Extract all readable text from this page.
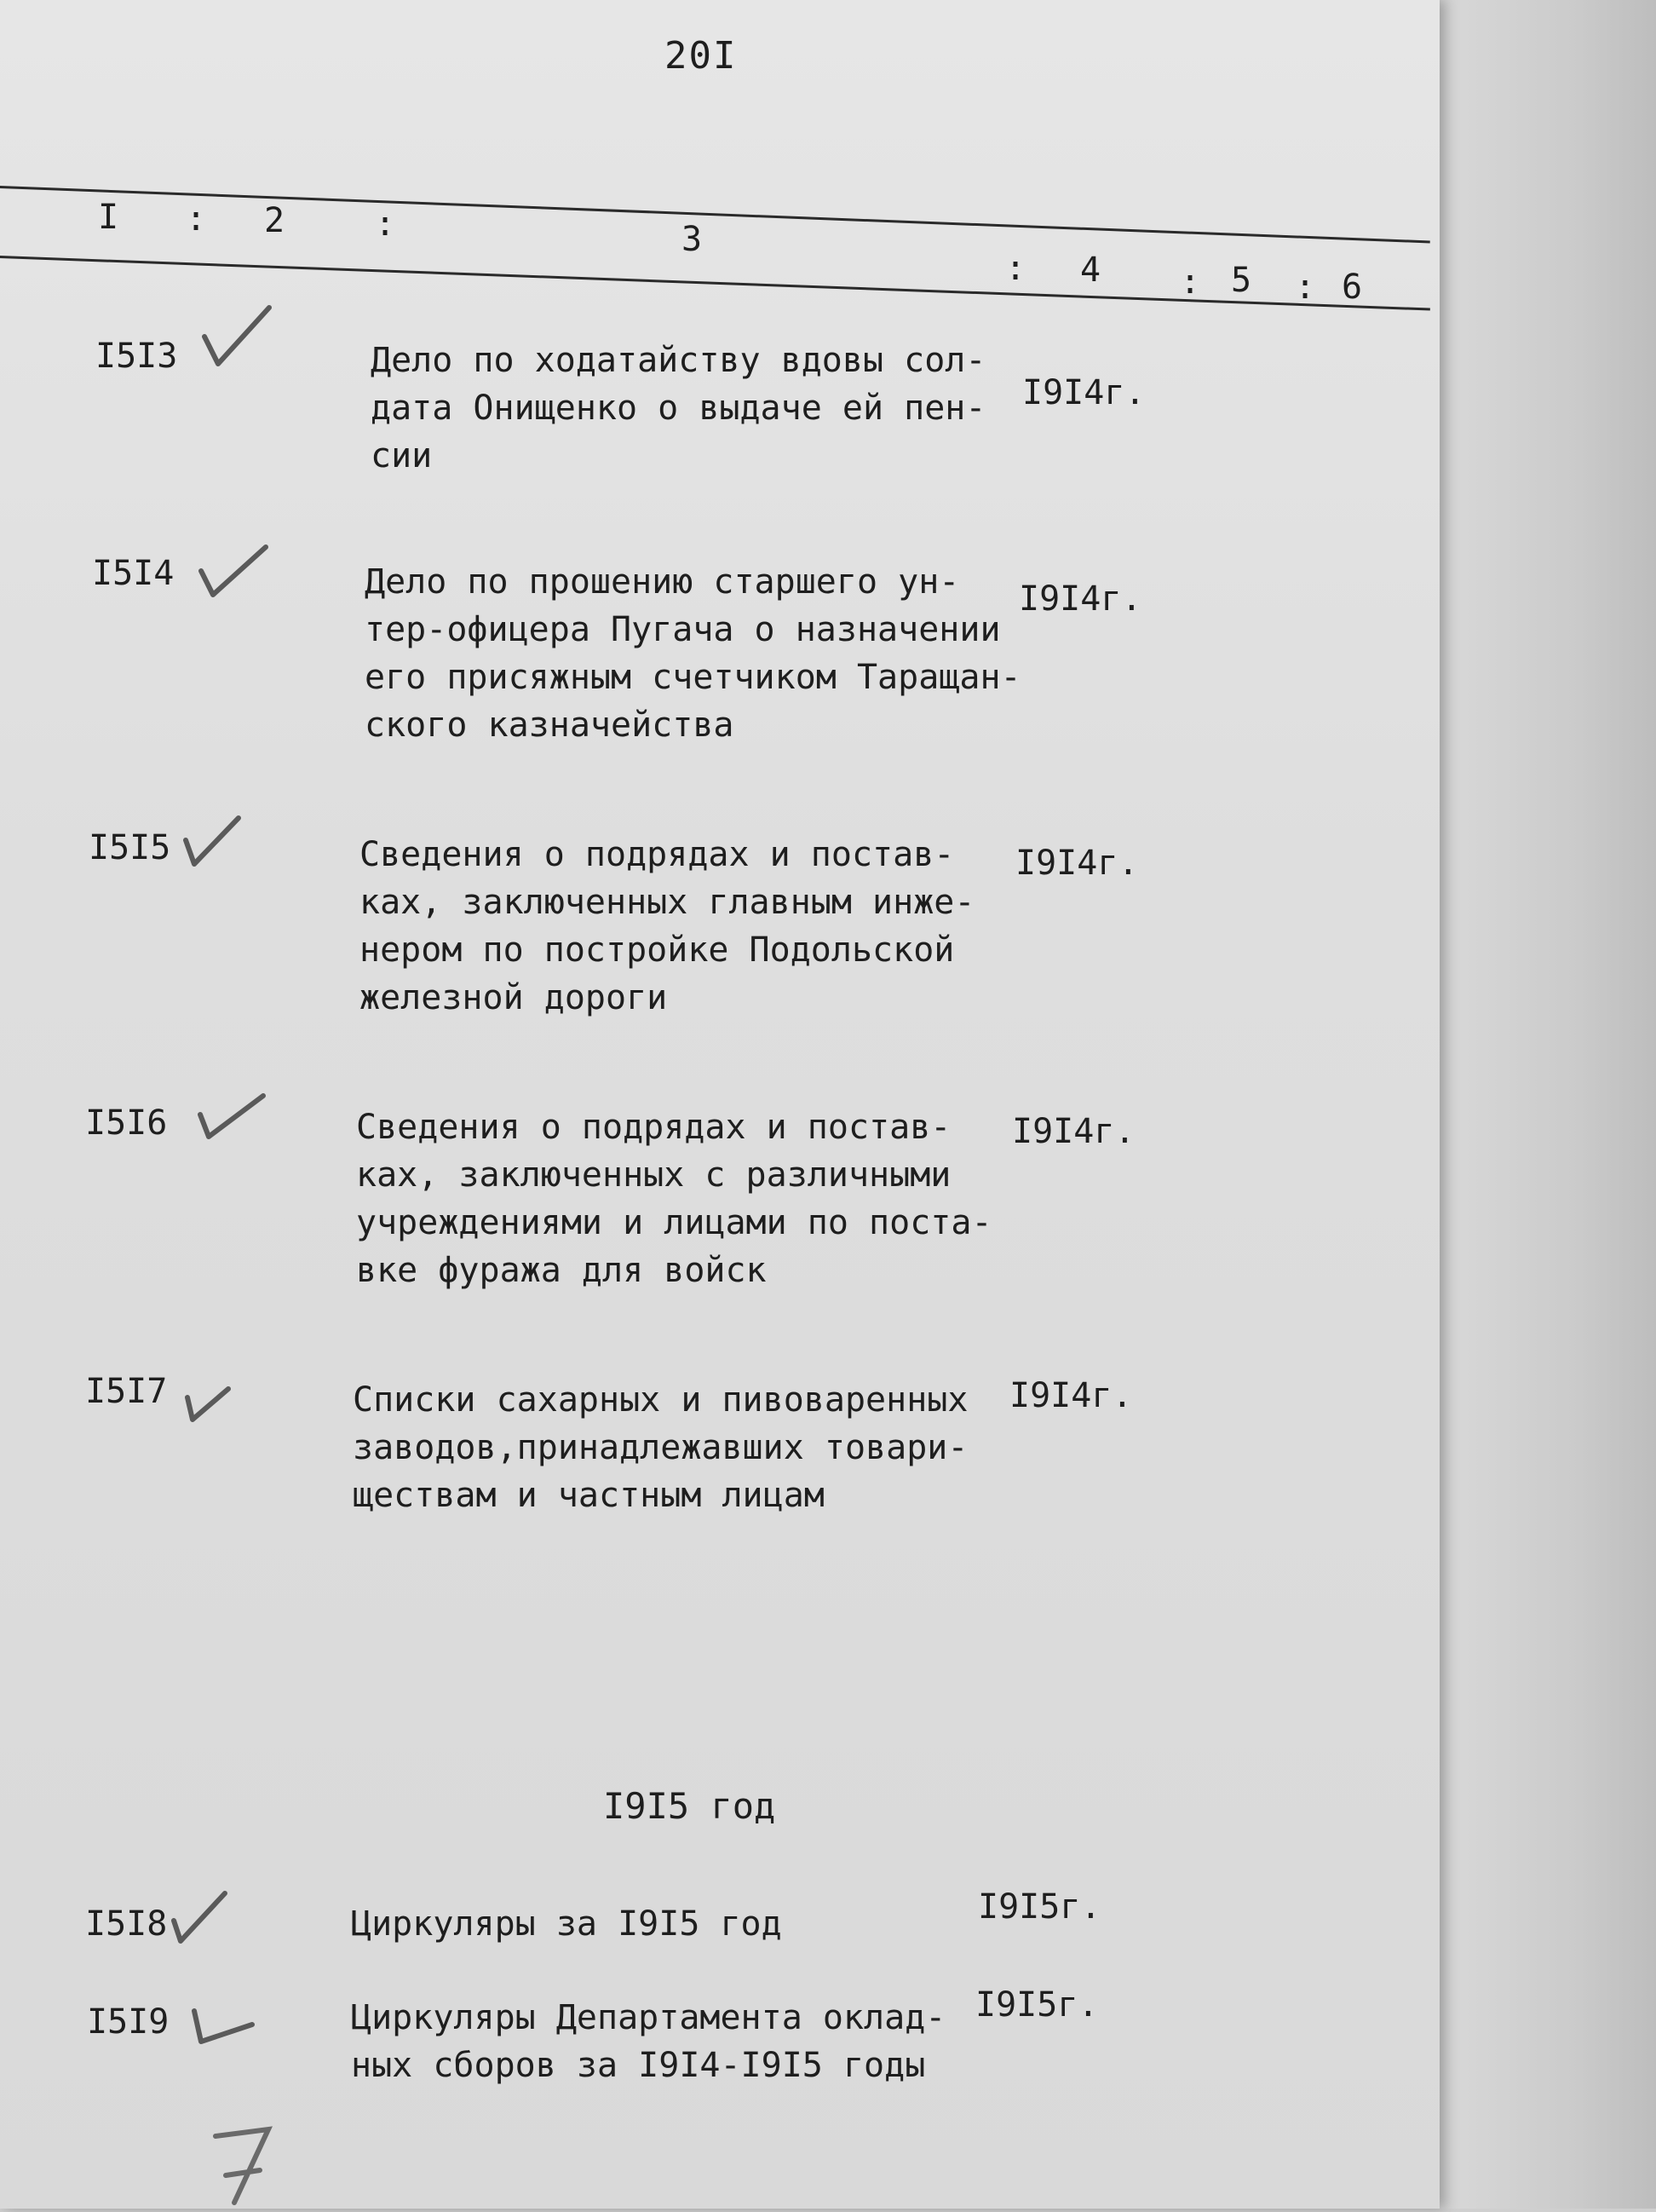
20I
I : 2	:	3
: 4 : 5 : 6
I5I3	Дело по ходатайству вдовы сол-
дата Онищенко о выдаче ей пен-
сии
I9I4г.
I5I4	Дело по прошению старшего ун-
тер-офицера Пугача о назначении
его присяжным счетчиком Таращан-
ского казначейства
I9I4г.
I5I5	Сведения о подрядах и постав-
ках, заключенных главным инже-
нером по постройке Подольской
железной дороги
I9I4г.
I5I6	Сведения о подрядах и постав-
ках, заключенных с различными
учреждениями и лицами по поста-
вке фуража для войск
I9I4г.
I5I7	Списки сахарных и пивоваренных
заводов,принадлежавших товари-
ществам и частным лицам
I9I4г.
I9I5 год
I5I8	Циркуляры за I9I5 год	I9I5г.
I5I9	Циркуляры Департамента оклад-
ных сборов за I9I4-I9I5 годы
I9I5г.
